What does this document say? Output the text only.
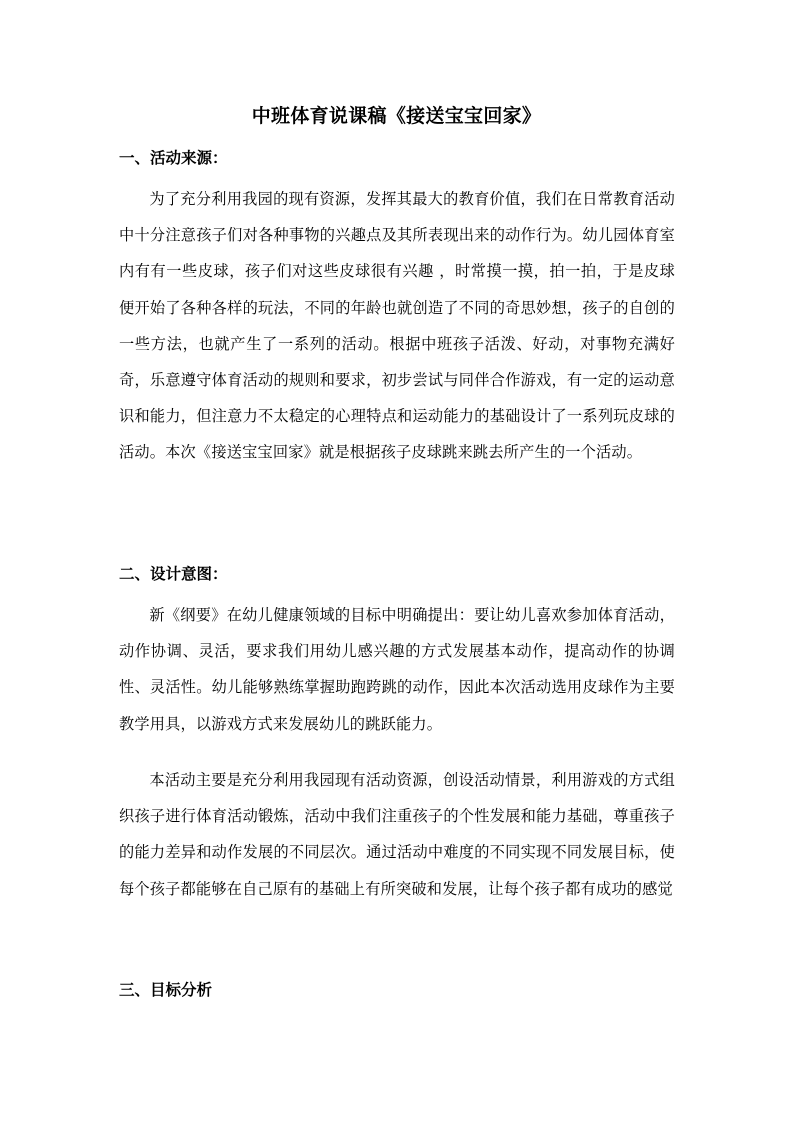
中班体育说课稿《接送宝宝回家》
一、活动来源：

为了充分利用我园的现有资源，发挥其最大的教育价值，我们在日常教育活动中十分注意孩子们对各种事物的兴趣点及其所表现出来的动作行为。幼儿园体育室内有有一些皮球，孩子们对这些皮球很有兴趣 ，时常摸一摸，拍一拍，于是皮球便开始了各种各样的玩法，不同的年龄也就创造了不同的奇思妙想，孩子的自创的一些方法，也就产生了一系列的活动。根据中班孩子活泼、好动，对事物充满好奇，乐意遵守体育活动的规则和要求，初步尝试与同伴合作游戏，有一定的运动意识和能力，但注意力不太稳定的心理特点和运动能力的基础设计了一系列玩皮球的活动。本次《接送宝宝回家》就是根据孩子皮球跳来跳去所产生的一个活动。

二、设计意图：

新《纲要》在幼儿健康领域的目标中明确提出：要让幼儿喜欢参加体育活动，动作协调、灵活，要求我们用幼儿感兴趣的方式发展基本动作，提高动作的协调性、灵活性。幼儿能够熟练掌握助跑跨跳的动作，因此本次活动选用皮球作为主要教学用具，以游戏方式来发展幼儿的跳跃能力。

本活动主要是充分利用我园现有活动资源，创设活动情景，利用游戏的方式组织孩子进行体育活动锻炼，活动中我们注重孩子的个性发展和能力基础，尊重孩子的能力差异和动作发展的不同层次。通过活动中难度的不同实现不同发展目标，使每个孩子都能够在自己原有的基础上有所突破和发展，让每个孩子都有成功的感觉

三、目标分析
